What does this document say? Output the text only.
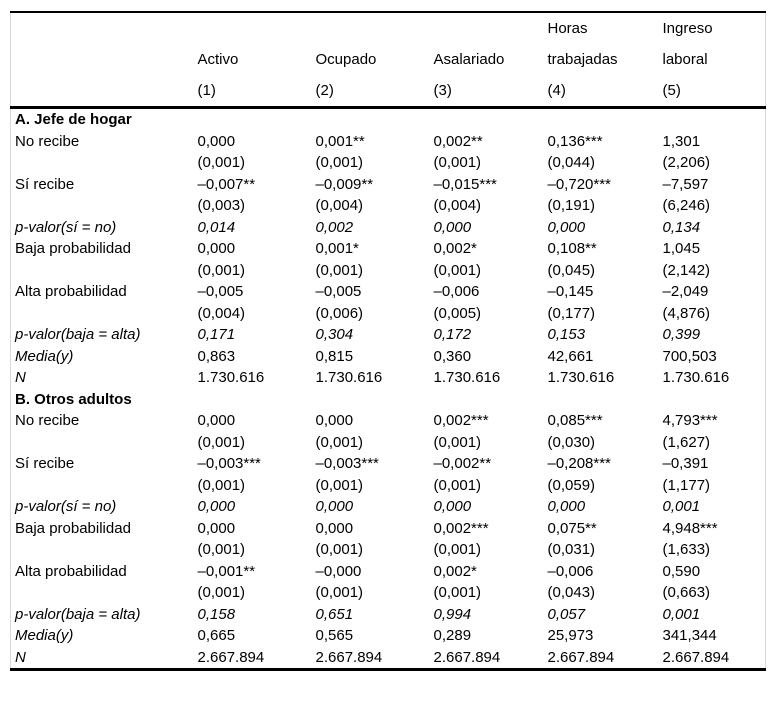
				Horas	Ingreso
	Activo	Ocupado	Asalariado	trabajadas	laboral
	(1)	(2)	(3)	(4)	(5)
A. Jefe de hogar					
No recibe	0,000	0,001**	0,002**	0,136***	1,301
	(0,001)	(0,001)	(0,001)	(0,044)	(2,206)
Sí recibe	–0,007**	–0,009**	–0,015***	–0,720***	–7,597
	(0,003)	(0,004)	(0,004)	(0,191)	(6,246)
p-valor(sí = no)	0,014	0,002	0,000	0,000	0,134
Baja probabilidad	0,000	0,001*	0,002*	0,108**	1,045
	(0,001)	(0,001)	(0,001)	(0,045)	(2,142)
Alta probabilidad	–0,005	–0,005	–0,006	–0,145	–2,049
	(0,004)	(0,006)	(0,005)	(0,177)	(4,876)
p-valor(baja = alta)	0,171	0,304	0,172	0,153	0,399
Media(y)	0,863	0,815	0,360	42,661	700,503
N	1.730.616	1.730.616	1.730.616	1.730.616	1.730.616
B. Otros adultos					
No recibe	0,000	0,000	0,002***	0,085***	4,793***
	(0,001)	(0,001)	(0,001)	(0,030)	(1,627)
Sí recibe	–0,003***	–0,003***	–0,002**	–0,208***	–0,391
	(0,001)	(0,001)	(0,001)	(0,059)	(1,177)
p-valor(sí = no)	0,000	0,000	0,000	0,000	0,001
Baja probabilidad	0,000	0,000	0,002***	0,075**	4,948***
	(0,001)	(0,001)	(0,001)	(0,031)	(1,633)
Alta probabilidad	–0,001**	–0,000	0,002*	–0,006	0,590
	(0,001)	(0,001)	(0,001)	(0,043)	(0,663)
p-valor(baja = alta)	0,158	0,651	0,994	0,057	0,001
Media(y)	0,665	0,565	0,289	25,973	341,344
N	2.667.894	2.667.894	2.667.894	2.667.894	2.667.894
